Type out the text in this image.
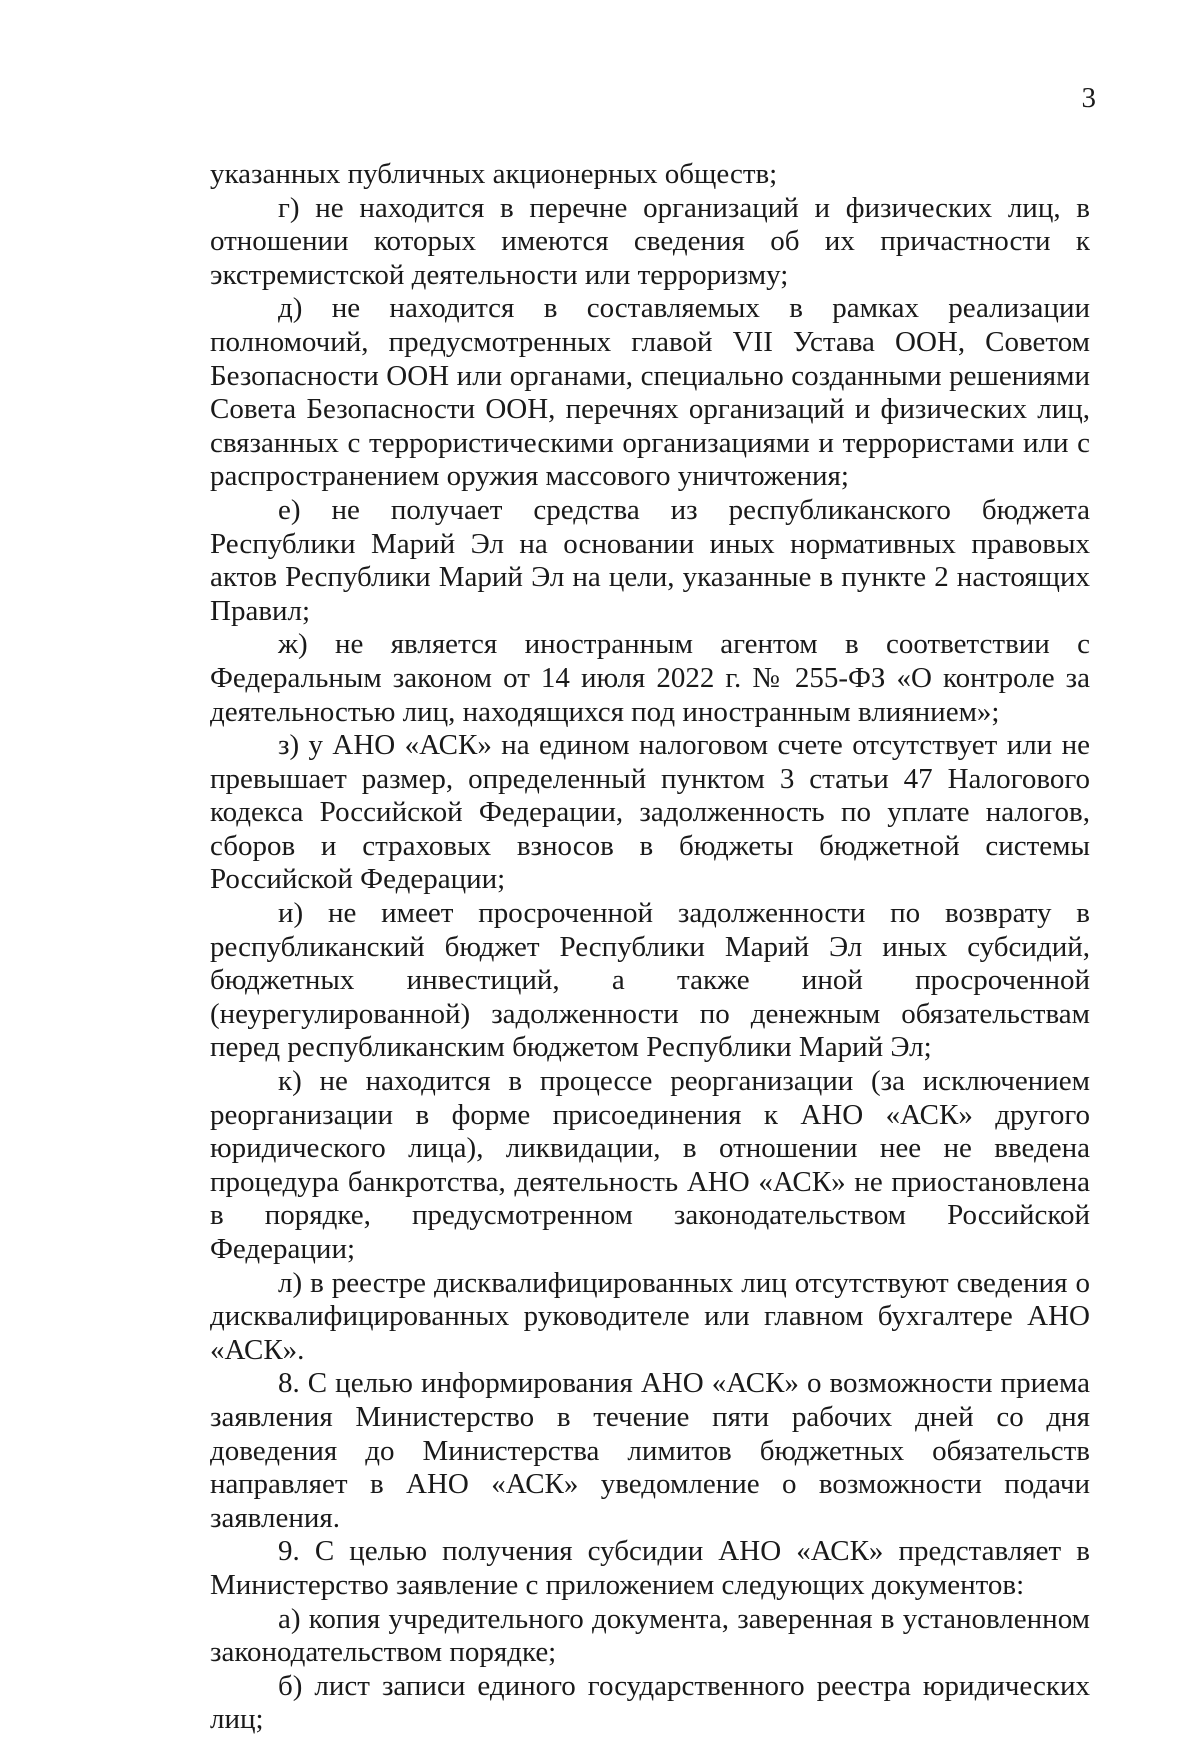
3

указанных публичных акционерных обществ;

г) не находится в перечне организаций и физических лиц, в отношении которых имеются сведения об их причастности к экстремистской деятельности или терроризму;

д) не находится в составляемых в рамках реализации полномочий, предусмотренных главой VII Устава ООН, Советом Безопасности ООН или органами, специально созданными решениями Совета Безопасности ООН, перечнях организаций и физических лиц, связанных с террористическими организациями и террористами или с распространением оружия массового уничтожения;

е) не получает средства из республиканского бюджета Республики Марий Эл на основании иных нормативных правовых актов Республики Марий Эл на цели, указанные в пункте 2 настоящих Правил;

ж) не является иностранным агентом в соответствии с Федеральным законом от 14 июля 2022 г. № 255-ФЗ «О контроле за деятельностью лиц, находящихся под иностранным влиянием»;

з) у АНО «АСК» на едином налоговом счете отсутствует или не превышает размер, определенный пунктом 3 статьи 47 Налогового кодекса Российской Федерации, задолженность по уплате налогов, сборов и страховых взносов в бюджеты бюджетной системы Российской Федерации;

и) не имеет просроченной задолженности по возврату в республиканский бюджет Республики Марий Эл иных субсидий, бюджетных инвестиций, а также иной просроченной (неурегулированной) задолженности по денежным обязательствам перед республиканским бюджетом Республики Марий Эл;

к) не находится в процессе реорганизации (за исключением реорганизации в форме присоединения к АНО «АСК» другого юридического лица), ликвидации, в отношении нее не введена процедура банкротства, деятельность АНО «АСК» не приостановлена в порядке, предусмотренном законодательством Российской Федерации;

л) в реестре дисквалифицированных лиц отсутствуют сведения о дисквалифицированных руководителе или главном бухгалтере АНО «АСК».

8. С целью информирования АНО «АСК» о возможности приема заявления Министерство в течение пяти рабочих дней со дня доведения до Министерства лимитов бюджетных обязательств направляет в АНО «АСК» уведомление о возможности подачи заявления.

9. С целью получения субсидии АНО «АСК» представляет в Министерство заявление с приложением следующих документов:

а) копия учредительного документа, заверенная в установленном законодательством порядке;

б) лист записи единого государственного реестра юридических лиц;
